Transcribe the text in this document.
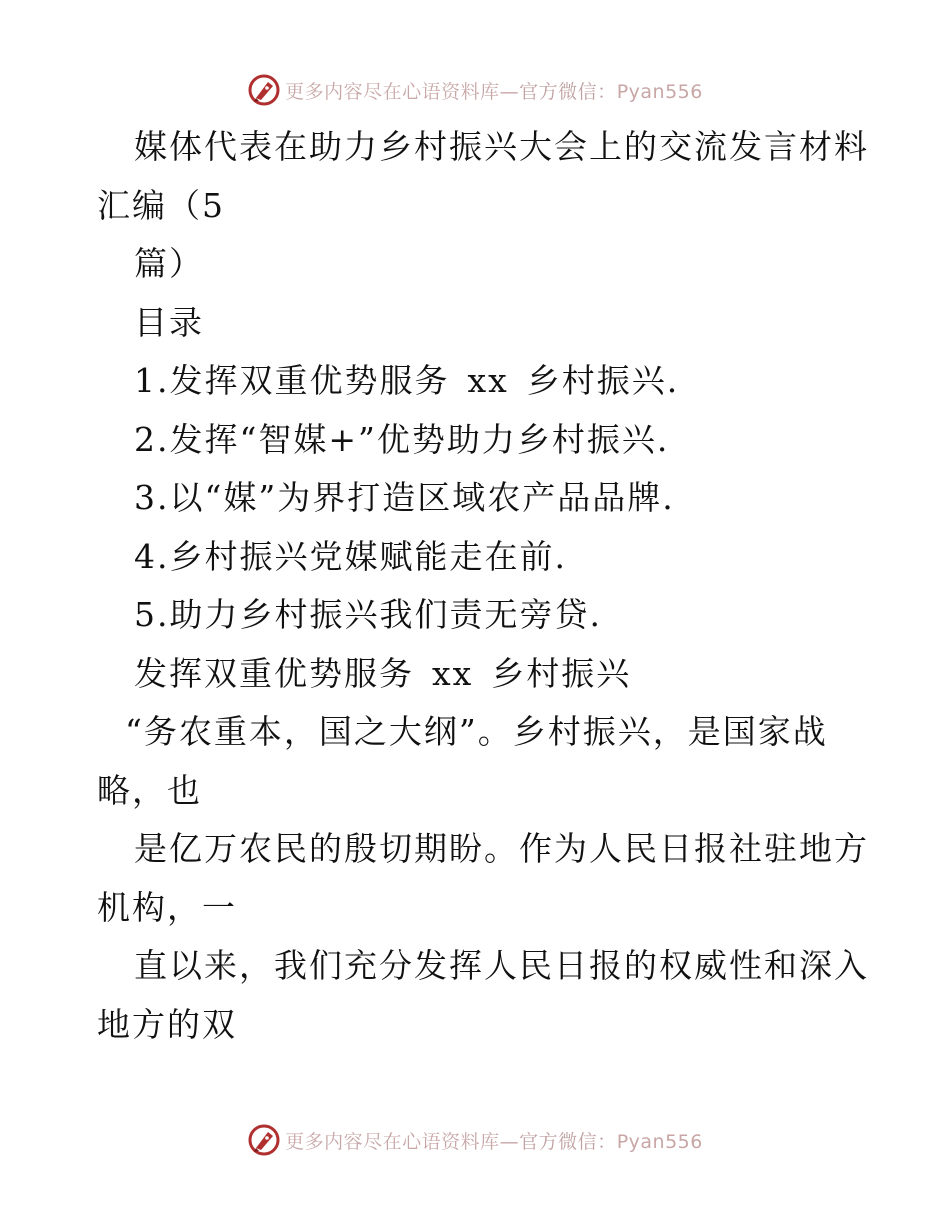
更多内容尽在心语资料库—官方微信：Pyan556
媒体代表在助力乡村振兴大会上的交流发言材料
汇编（5
篇）
目录
1.发挥双重优势服务 xx 乡村振兴.
2.发挥“智媒+”优势助力乡村振兴.
3.以“媒”为界打造区域农产品品牌.
4.乡村振兴党媒赋能走在前.
5.助力乡村振兴我们责无旁贷.
发挥双重优势服务 xx 乡村振兴
“务农重本，国之大纲”。乡村振兴，是国家战
略，也
是亿万农民的殷切期盼。作为人民日报社驻地方
机构，一
直以来，我们充分发挥人民日报的权威性和深入
地方的双
更多内容尽在心语资料库—官方微信：Pyan556
